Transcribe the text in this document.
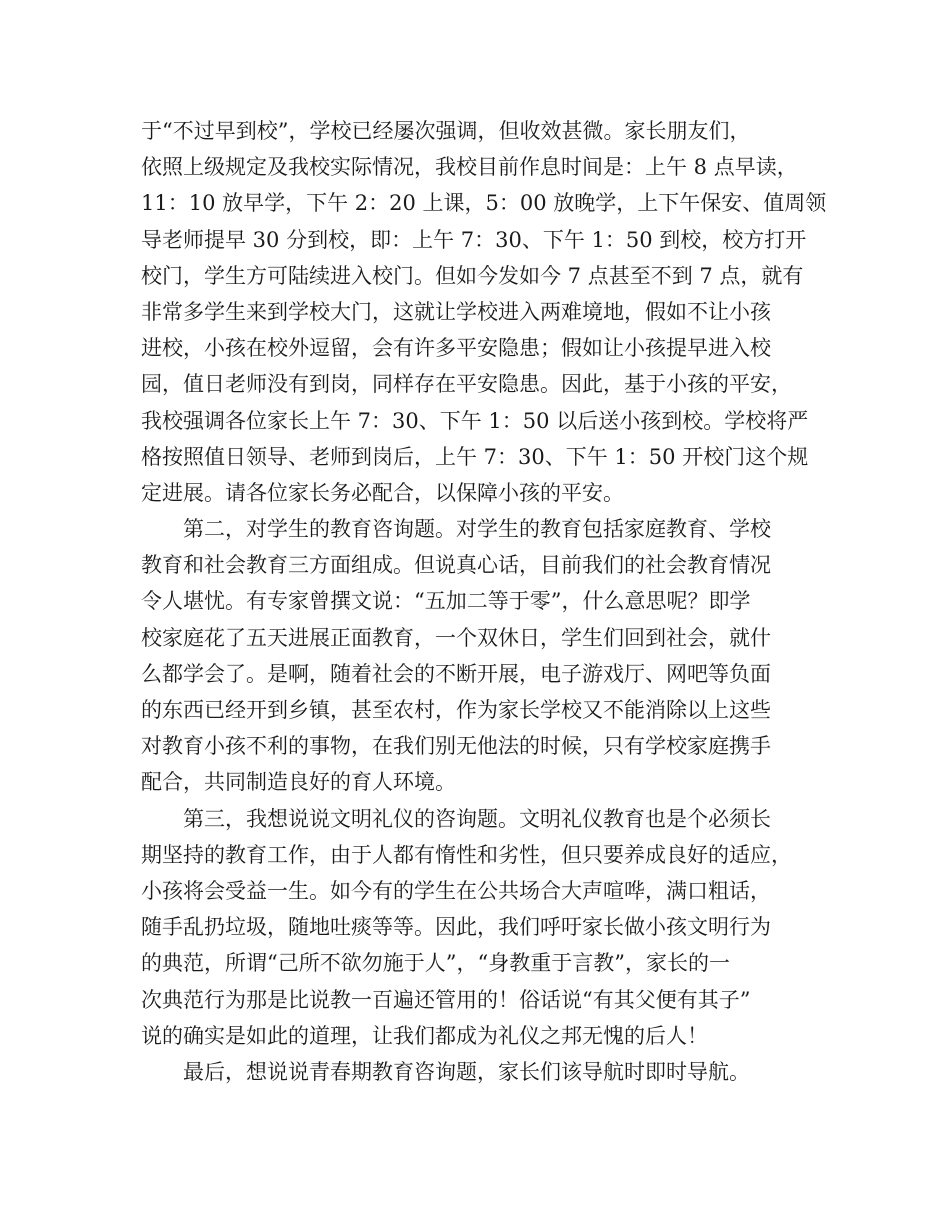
于“不过早到校”，学校已经屡次强调，但收效甚微。家长朋友们，
依照上级规定及我校实际情况，我校目前作息时间是：上午 8 点早读，
11：10 放早学，下午 2：20 上课，5：00 放晚学，上下午保安、值周领
导老师提早 30 分到校，即：上午 7：30、下午 1：50 到校，校方打开
校门，学生方可陆续进入校门。但如今发如今 7 点甚至不到 7 点，就有
非常多学生来到学校大门，这就让学校进入两难境地，假如不让小孩
进校，小孩在校外逗留，会有许多平安隐患；假如让小孩提早进入校
园，值日老师没有到岗，同样存在平安隐患。因此，基于小孩的平安，
我校强调各位家长上午 7：30、下午 1：50 以后送小孩到校。学校将严
格按照值日领导、老师到岗后，上午 7：30、下午 1：50 开校门这个规
定进展。请各位家长务必配合，以保障小孩的平安。
第二，对学生的教育咨询题。对学生的教育包括家庭教育、学校
教育和社会教育三方面组成。但说真心话，目前我们的社会教育情况
令人堪忧。有专家曾撰文说：“五加二等于零”，什么意思呢？即学
校家庭花了五天进展正面教育，一个双休日，学生们回到社会，就什
么都学会了。是啊，随着社会的不断开展，电子游戏厅、网吧等负面
的东西已经开到乡镇，甚至农村，作为家长学校又不能消除以上这些
对教育小孩不利的事物，在我们别无他法的时候，只有学校家庭携手
配合，共同制造良好的育人环境。
第三，我想说说文明礼仪的咨询题。文明礼仪教育也是个必须长
期坚持的教育工作，由于人都有惰性和劣性，但只要养成良好的适应，
小孩将会受益一生。如今有的学生在公共场合大声喧哗，满口粗话，
随手乱扔垃圾，随地吐痰等等。因此，我们呼吁家长做小孩文明行为
的典范，所谓“己所不欲勿施于人”，“身教重于言教”，家长的一
次典范行为那是比说教一百遍还管用的！俗话说“有其父便有其子”
说的确实是如此的道理，让我们都成为礼仪之邦无愧的后人！
最后，想说说青春期教育咨询题，家长们该导航时即时导航。
